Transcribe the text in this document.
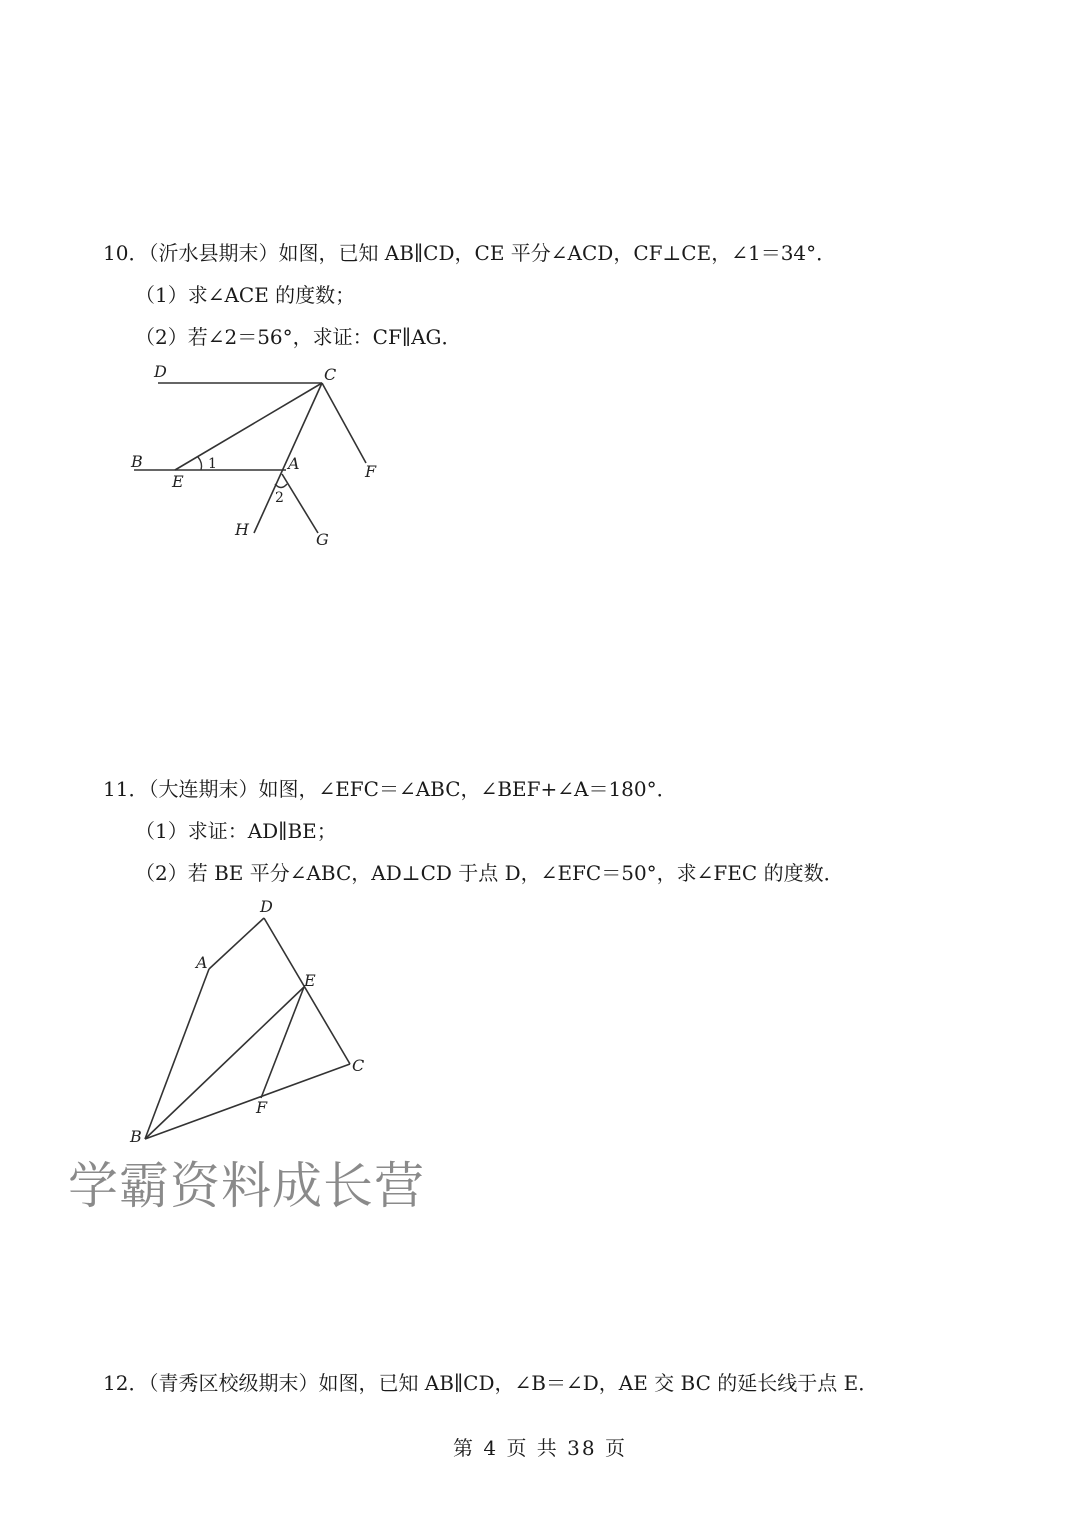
10．（沂水县期末）如图，已知 AB∥CD，CE 平分∠ACD，CF⊥CE，∠1＝34°．
（1）求∠ACE 的度数；
（2）若∠2＝56°，求证：CF∥AG．
D	C
B
E
A	F
H
G
1
2
11．（大连期末）如图，∠EFC＝∠ABC，∠BEF+∠A＝180°．
（1）求证：AD∥BE；
（2）若 BE 平分∠ABC，AD⊥CD 于点 D，∠EFC＝50°，求∠FEC 的度数．
D
A
E
C
F
B
学霸资料成长营
12．（青秀区校级期末）如图，已知 AB∥CD，∠B＝∠D，AE 交 BC 的延长线于点 E．
第 4 页 共 38 页
